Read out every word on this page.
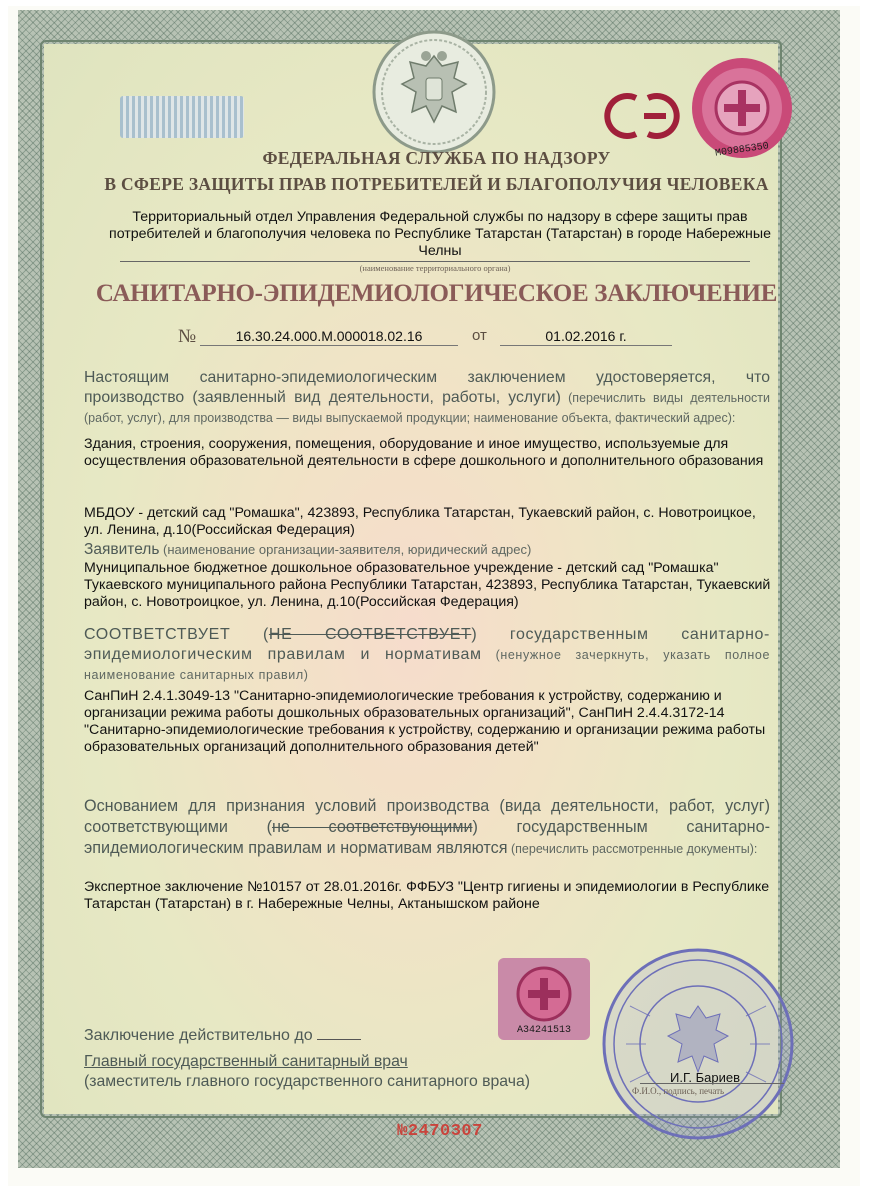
M09885350
ФЕДЕРАЛЬНАЯ СЛУЖБА ПО НАДЗОРУ
В СФЕРЕ ЗАЩИТЫ ПРАВ ПОТРЕБИТЕЛЕЙ И БЛАГОПОЛУЧИЯ ЧЕЛОВЕКА
Территориальный отдел Управления Федеральной службы по надзору в сфере защиты прав потребителей и благополучия человека по Республике Татарстан (Татарстан) в городе Набережные Челны
(наименование территориального органа)
САНИТАРНО-ЭПИДЕМИОЛОГИЧЕСКОЕ ЗАКЛЮЧЕНИЕ
№	16.30.24.000.М.000018.02.16	от	01.02.2016 г.
Настоящим санитарно-эпидемиологическим заключением удостоверяется, что производство (заявленный вид деятельности, работы, услуги) (перечислить виды деятельности (работ, услуг), для производства — виды выпускаемой продукции; наименование объекта, фактический адрес):
Здания, строения, сооружения, помещения, оборудование и иное имущество, используемые для осуществления образовательной деятельности в сфере дошкольного и дополнительного образования
МБДОУ - детский сад "Ромашка", 423893, Республика Татарстан, Тукаевский район, с. Новотроицкое, ул. Ленина, д.10(Российская Федерация)
Заявитель (наименование организации-заявителя, юридический адрес)
Муниципальное бюджетное дошкольное образовательное учреждение - детский сад "Ромашка" Тукаевского муниципального района Республики Татарстан, 423893, Республика Татарстан, Тукаевский район, с. Новотроицкое, ул. Ленина, д.10(Российская Федерация)
СООТВЕТСТВУЕТ (НЕ СООТВЕТСТВУЕТ) государственным санитарно-эпидемиологическим правилам и нормативам (ненужное зачеркнуть, указать полное наименование санитарных правил)
СанПиН 2.4.1.3049-13 "Санитарно-эпидемиологические требования к устройству, содержанию и организации режима работы дошкольных образовательных организаций", СанПиН 2.4.4.3172-14 "Санитарно-эпидемиологические требования к устройству, содержанию и организации режима работы образовательных организаций дополнительного образования детей"
Основанием для признания условий производства (вида деятельности, работ, услуг) соответствующими (не соответствующими) государственным санитарно-эпидемиологическим правилам и нормативам являются (перечислить рассмотренные документы):
Экспертное заключение №10157 от 28.01.2016г. ФФБУЗ "Центр гигиены и эпидемиологии в Республике Татарстан (Татарстан) в г. Набережные Челны, Актанышском районе
A34241513
Заключение действительно до
Главный государственный санитарный врач
(заместитель главного государственного санитарного врача)	И.Г. Бариев
Ф.И.О., подпись, печать
№2470307
